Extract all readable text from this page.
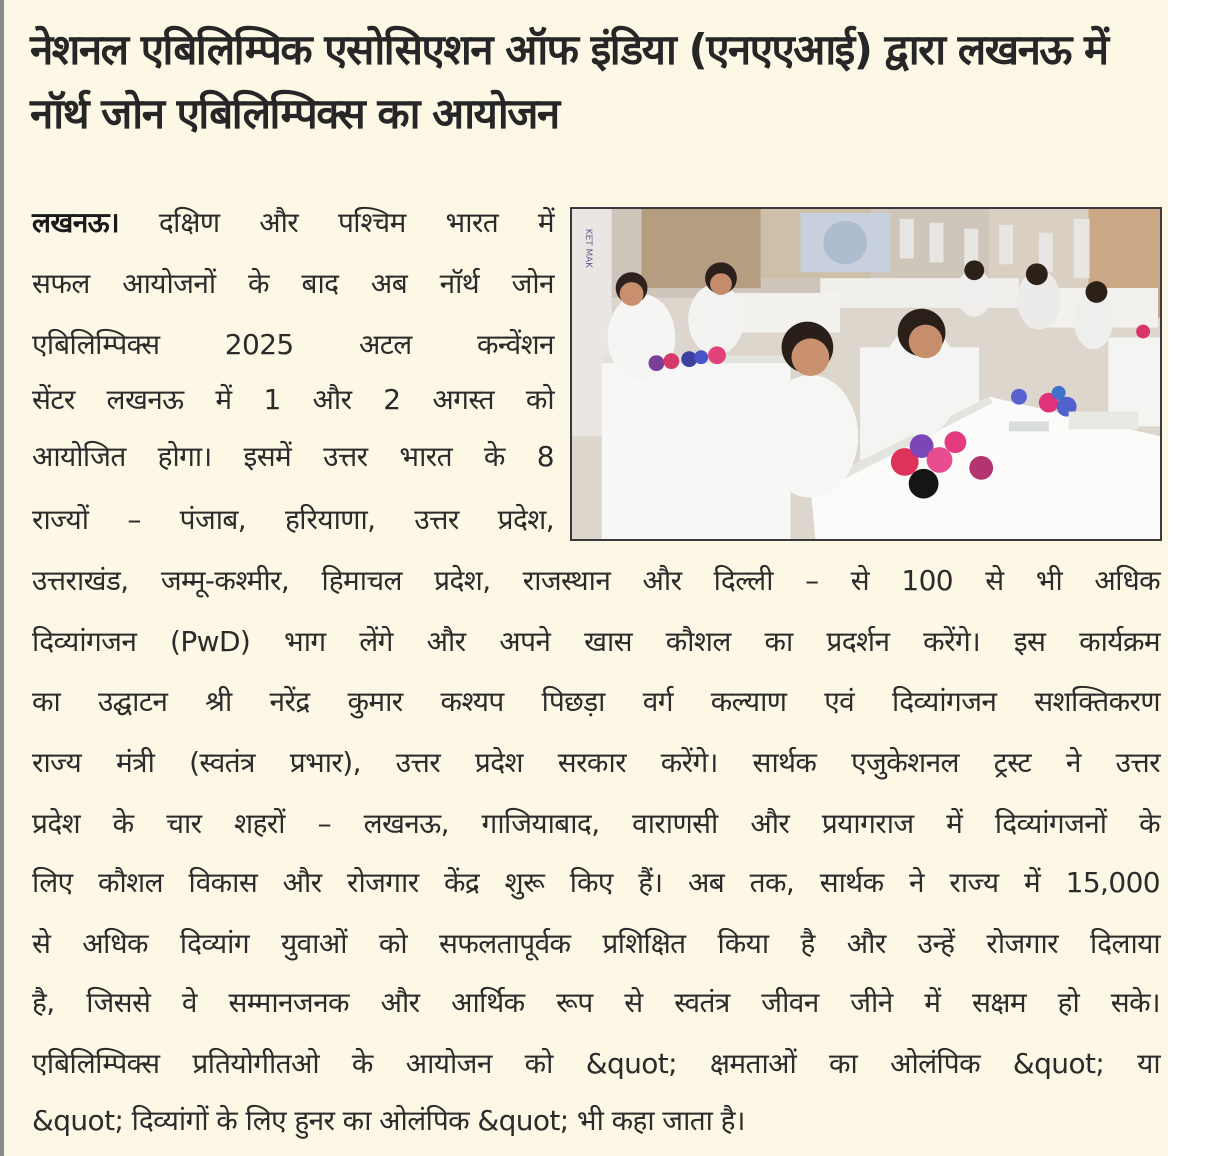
नेशनल एबिलिम्पिक एसोसिएशन ऑफ इंडिया (एनएएआई) द्वारा लखनऊ में नॉर्थ जोन एबिलिम्पिक्स का आयोजन
KET MAK

लखनऊ। दक्षिण और पश्चिम भारत में

सफल आयोजनों के बाद अब नॉर्थ जोन

एबिलिम्पिक्स 2025 अटल कन्वेंशन

सेंटर लखनऊ में 1 और 2 अगस्त को

आयोजित होगा। इसमें उत्तर भारत के 8

राज्यों – पंजाब, हरियाणा, उत्तर प्रदेश,

उत्तराखंड, जम्मू-कश्मीर, हिमाचल प्रदेश, राजस्थान और दिल्ली – से 100 से भी अधिक

दिव्यांगजन (PwD) भाग लेंगे और अपने खास कौशल का प्रदर्शन करेंगे। इस कार्यक्रम

का उद्घाटन श्री नरेंद्र कुमार कश्यप पिछड़ा वर्ग कल्याण एवं दिव्यांगजन सशक्तिकरण

राज्य मंत्री (स्वतंत्र प्रभार), उत्तर प्रदेश सरकार करेंगे। सार्थक एजुकेशनल ट्रस्ट ने उत्तर

प्रदेश के चार शहरों – लखनऊ, गाजियाबाद, वाराणसी और प्रयागराज में दिव्यांगजनों के

लिए कौशल विकास और रोजगार केंद्र शुरू किए हैं। अब तक, सार्थक ने राज्य में 15,000

से अधिक दिव्यांग युवाओं को सफलतापूर्वक प्रशिक्षित किया है और उन्हें रोजगार दिलाया

है, जिससे वे सम्मानजनक और आर्थिक रूप से स्वतंत्र जीवन जीने में सक्षम हो सके।

एबिलिम्पिक्स प्रतियोगीतओ के आयोजन को &quot; क्षमताओं का ओलंपिक &quot; या

&quot; दिव्यांगों के लिए हुनर का ओलंपिक &quot; भी कहा जाता है।
